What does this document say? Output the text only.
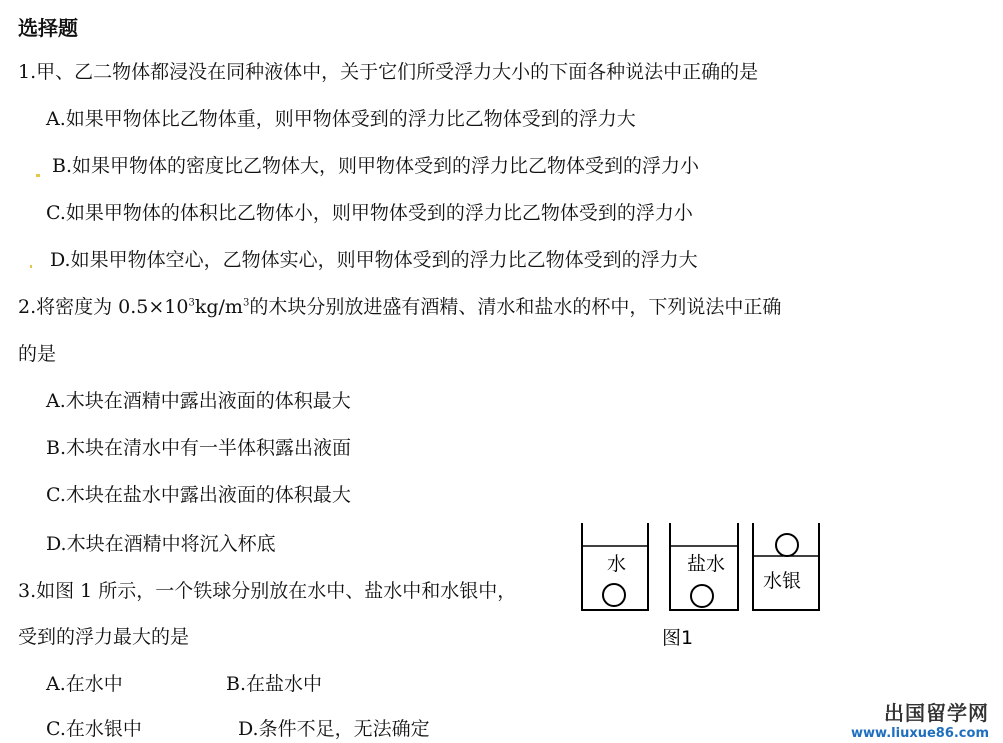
选择题
1.甲、乙二物体都浸没在同种液体中，关于它们所受浮力大小的下面各种说法中正确的是
A.如果甲物体比乙物体重，则甲物体受到的浮力比乙物体受到的浮力大
B.如果甲物体的密度比乙物体大，则甲物体受到的浮力比乙物体受到的浮力小
C.如果甲物体的体积比乙物体小，则甲物体受到的浮力比乙物体受到的浮力小
D.如果甲物体空心，乙物体实心，则甲物体受到的浮力比乙物体受到的浮力大
2.将密度为 $0.5\times 10^3kg/m^3$的木块分别放进盛有酒精、清水和盐水的杯中，下列说法中正确
的是
A.木块在酒精中露出液面的体积最大
B.木块在清水中有一半体积露出液面
C.木块在盐水中露出液面的体积最大
D.木块在酒精中将沉入杯底
3.如图 1 所示，一个铁球分别放在水中、盐水中和水银中，
受到的浮力最大的是
A.在水中	B.在盐水中
C.在水银中	D.条件不足，无法确定
水	盐水
水银
图1
出国留学网
www.liuxue86.com
